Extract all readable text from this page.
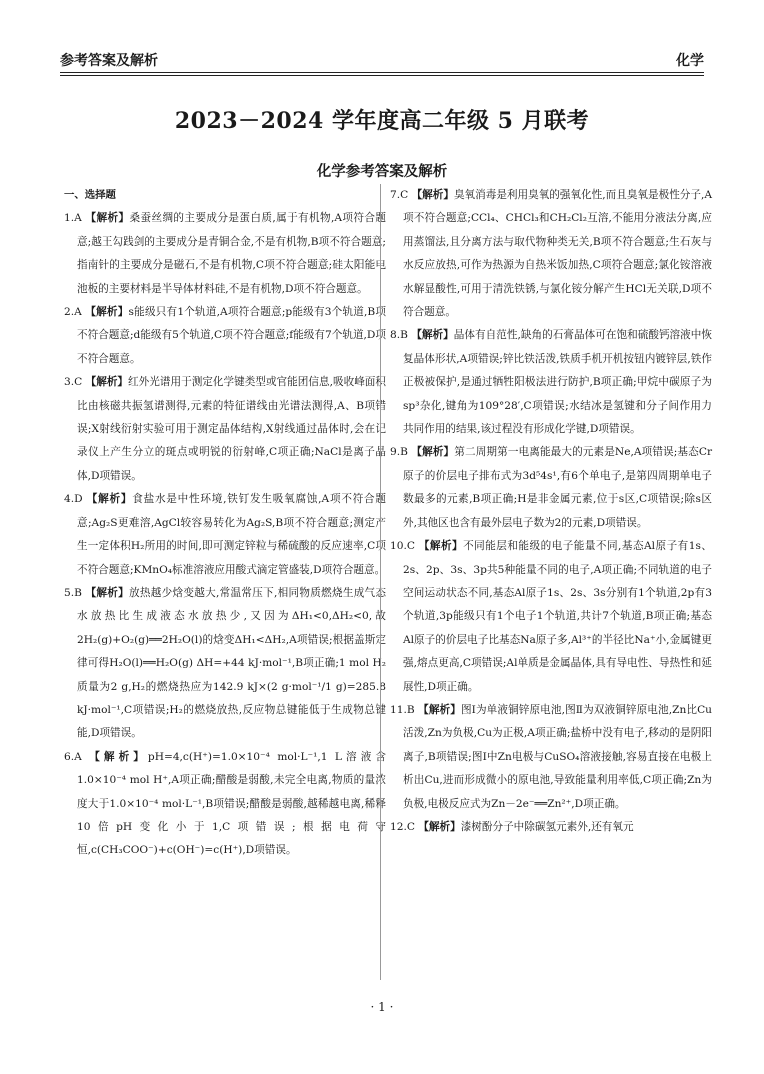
参考答案及解析	化学
2023－2024 学年度高二年级 5 月联考
化学参考答案及解析
一、选择题
1.A 【解析】桑蚕丝绸的主要成分是蛋白质,属于有机物,A项符合题意;越王勾践剑的主要成分是青铜合金,不是有机物,B项不符合题意;指南针的主要成分是磁石,不是有机物,C项不符合题意;硅太阳能电池板的主要材料是半导体材料硅,不是有机物,D项不符合题意。
2.A 【解析】s能级只有1个轨道,A项符合题意;p能级有3个轨道,B项不符合题意;d能级有5个轨道,C项不符合题意;f能级有7个轨道,D项不符合题意。
3.C 【解析】红外光谱用于测定化学键类型或官能团信息,吸收峰面积比由核磁共振氢谱测得,元素的特征谱线由光谱法测得,A、B项错误;X射线衍射实验可用于测定晶体结构,X射线通过晶体时,会在记录仪上产生分立的斑点或明锐的衍射峰,C项正确;NaCl是离子晶体,D项错误。
4.D 【解析】食盐水是中性环境,铁钉发生吸氧腐蚀,A项不符合题意;Ag₂S更难溶,AgCl较容易转化为Ag₂S,B项不符合题意;测定产生一定体积H₂所用的时间,即可测定锌粒与稀硫酸的反应速率,C项不符合题意;KMnO₄标准溶液应用酸式滴定管盛装,D项符合题意。
5.B 【解析】放热越少焓变越大,常温常压下,相同物质燃烧生成气态水放热比生成液态水放热少,又因为ΔH₁<0,ΔH₂<0,故2H₂(g)+O₂(g)══2H₂O(l)的焓变ΔH₁<ΔH₂,A项错误;根据盖斯定律可得H₂O(l)══H₂O(g) ΔH=+44 kJ·mol⁻¹,B项正确;1 mol H₂质量为2 g,H₂的燃烧热应为142.9 kJ×(2 g·mol⁻¹/1 g)=285.8 kJ·mol⁻¹,C项错误;H₂的燃烧放热,反应物总键能低于生成物总键能,D项错误。
6.A 【解析】pH=4,c(H⁺)=1.0×10⁻⁴ mol·L⁻¹,1 L溶液含1.0×10⁻⁴ mol H⁺,A项正确;醋酸是弱酸,未完全电离,物质的量浓度大于1.0×10⁻⁴ mol·L⁻¹,B项错误;醋酸是弱酸,越稀越电离,稀释10倍pH变化小于1,C项错误;根据电荷守恒,c(CH₃COO⁻)+c(OH⁻)=c(H⁺),D项错误。
7.C 【解析】臭氧消毒是利用臭氧的强氧化性,而且臭氧是极性分子,A项不符合题意;CCl₄、CHCl₃和CH₂Cl₂互溶,不能用分液法分离,应用蒸馏法,且分离方法与取代物种类无关,B项不符合题意;生石灰与水反应放热,可作为热源为自热米饭加热,C项符合题意;氯化铵溶液水解显酸性,可用于清洗铁锈,与氯化铵分解产生HCl无关联,D项不符合题意。
8.B 【解析】晶体有自范性,缺角的石膏晶体可在饱和硫酸钙溶液中恢复晶体形状,A项错误;锌比铁活泼,铁质手机开机按钮内镀锌层,铁作正极被保护,是通过牺牲阳极法进行防护,B项正确;甲烷中碳原子为sp³杂化,键角为109°28′,C项错误;水结冰是氢键和分子间作用力共同作用的结果,该过程没有形成化学键,D项错误。
9.B 【解析】第二周期第一电离能最大的元素是Ne,A项错误;基态Cr原子的价层电子排布式为3d⁵4s¹,有6个单电子,是第四周期单电子数最多的元素,B项正确;H是非金属元素,位于s区,C项错误;除s区外,其他区也含有最外层电子数为2的元素,D项错误。
10.C 【解析】不同能层和能级的电子能量不同,基态Al原子有1s、2s、2p、3s、3p共5种能量不同的电子,A项正确;不同轨道的电子空间运动状态不同,基态Al原子1s、2s、3s分别有1个轨道,2p有3个轨道,3p能级只有1个电子1个轨道,共计7个轨道,B项正确;基态Al原子的价层电子比基态Na原子多,Al³⁺的半径比Na⁺小,金属键更强,熔点更高,C项错误;Al单质是金属晶体,具有导电性、导热性和延展性,D项正确。
11.B 【解析】图Ⅰ为单液铜锌原电池,图Ⅱ为双液铜锌原电池,Zn比Cu活泼,Zn为负极,Cu为正极,A项正确;盐桥中没有电子,移动的是阴阳离子,B项错误;图Ⅰ中Zn电极与CuSO₄溶液接触,容易直接在电极上析出Cu,进而形成微小的原电池,导致能量利用率低,C项正确;Zn为负极,电极反应式为Zn－2e⁻══Zn²⁺,D项正确。
12.C 【解析】漆树酚分子中除碳氢元素外,还有氧元
· 1 ·
